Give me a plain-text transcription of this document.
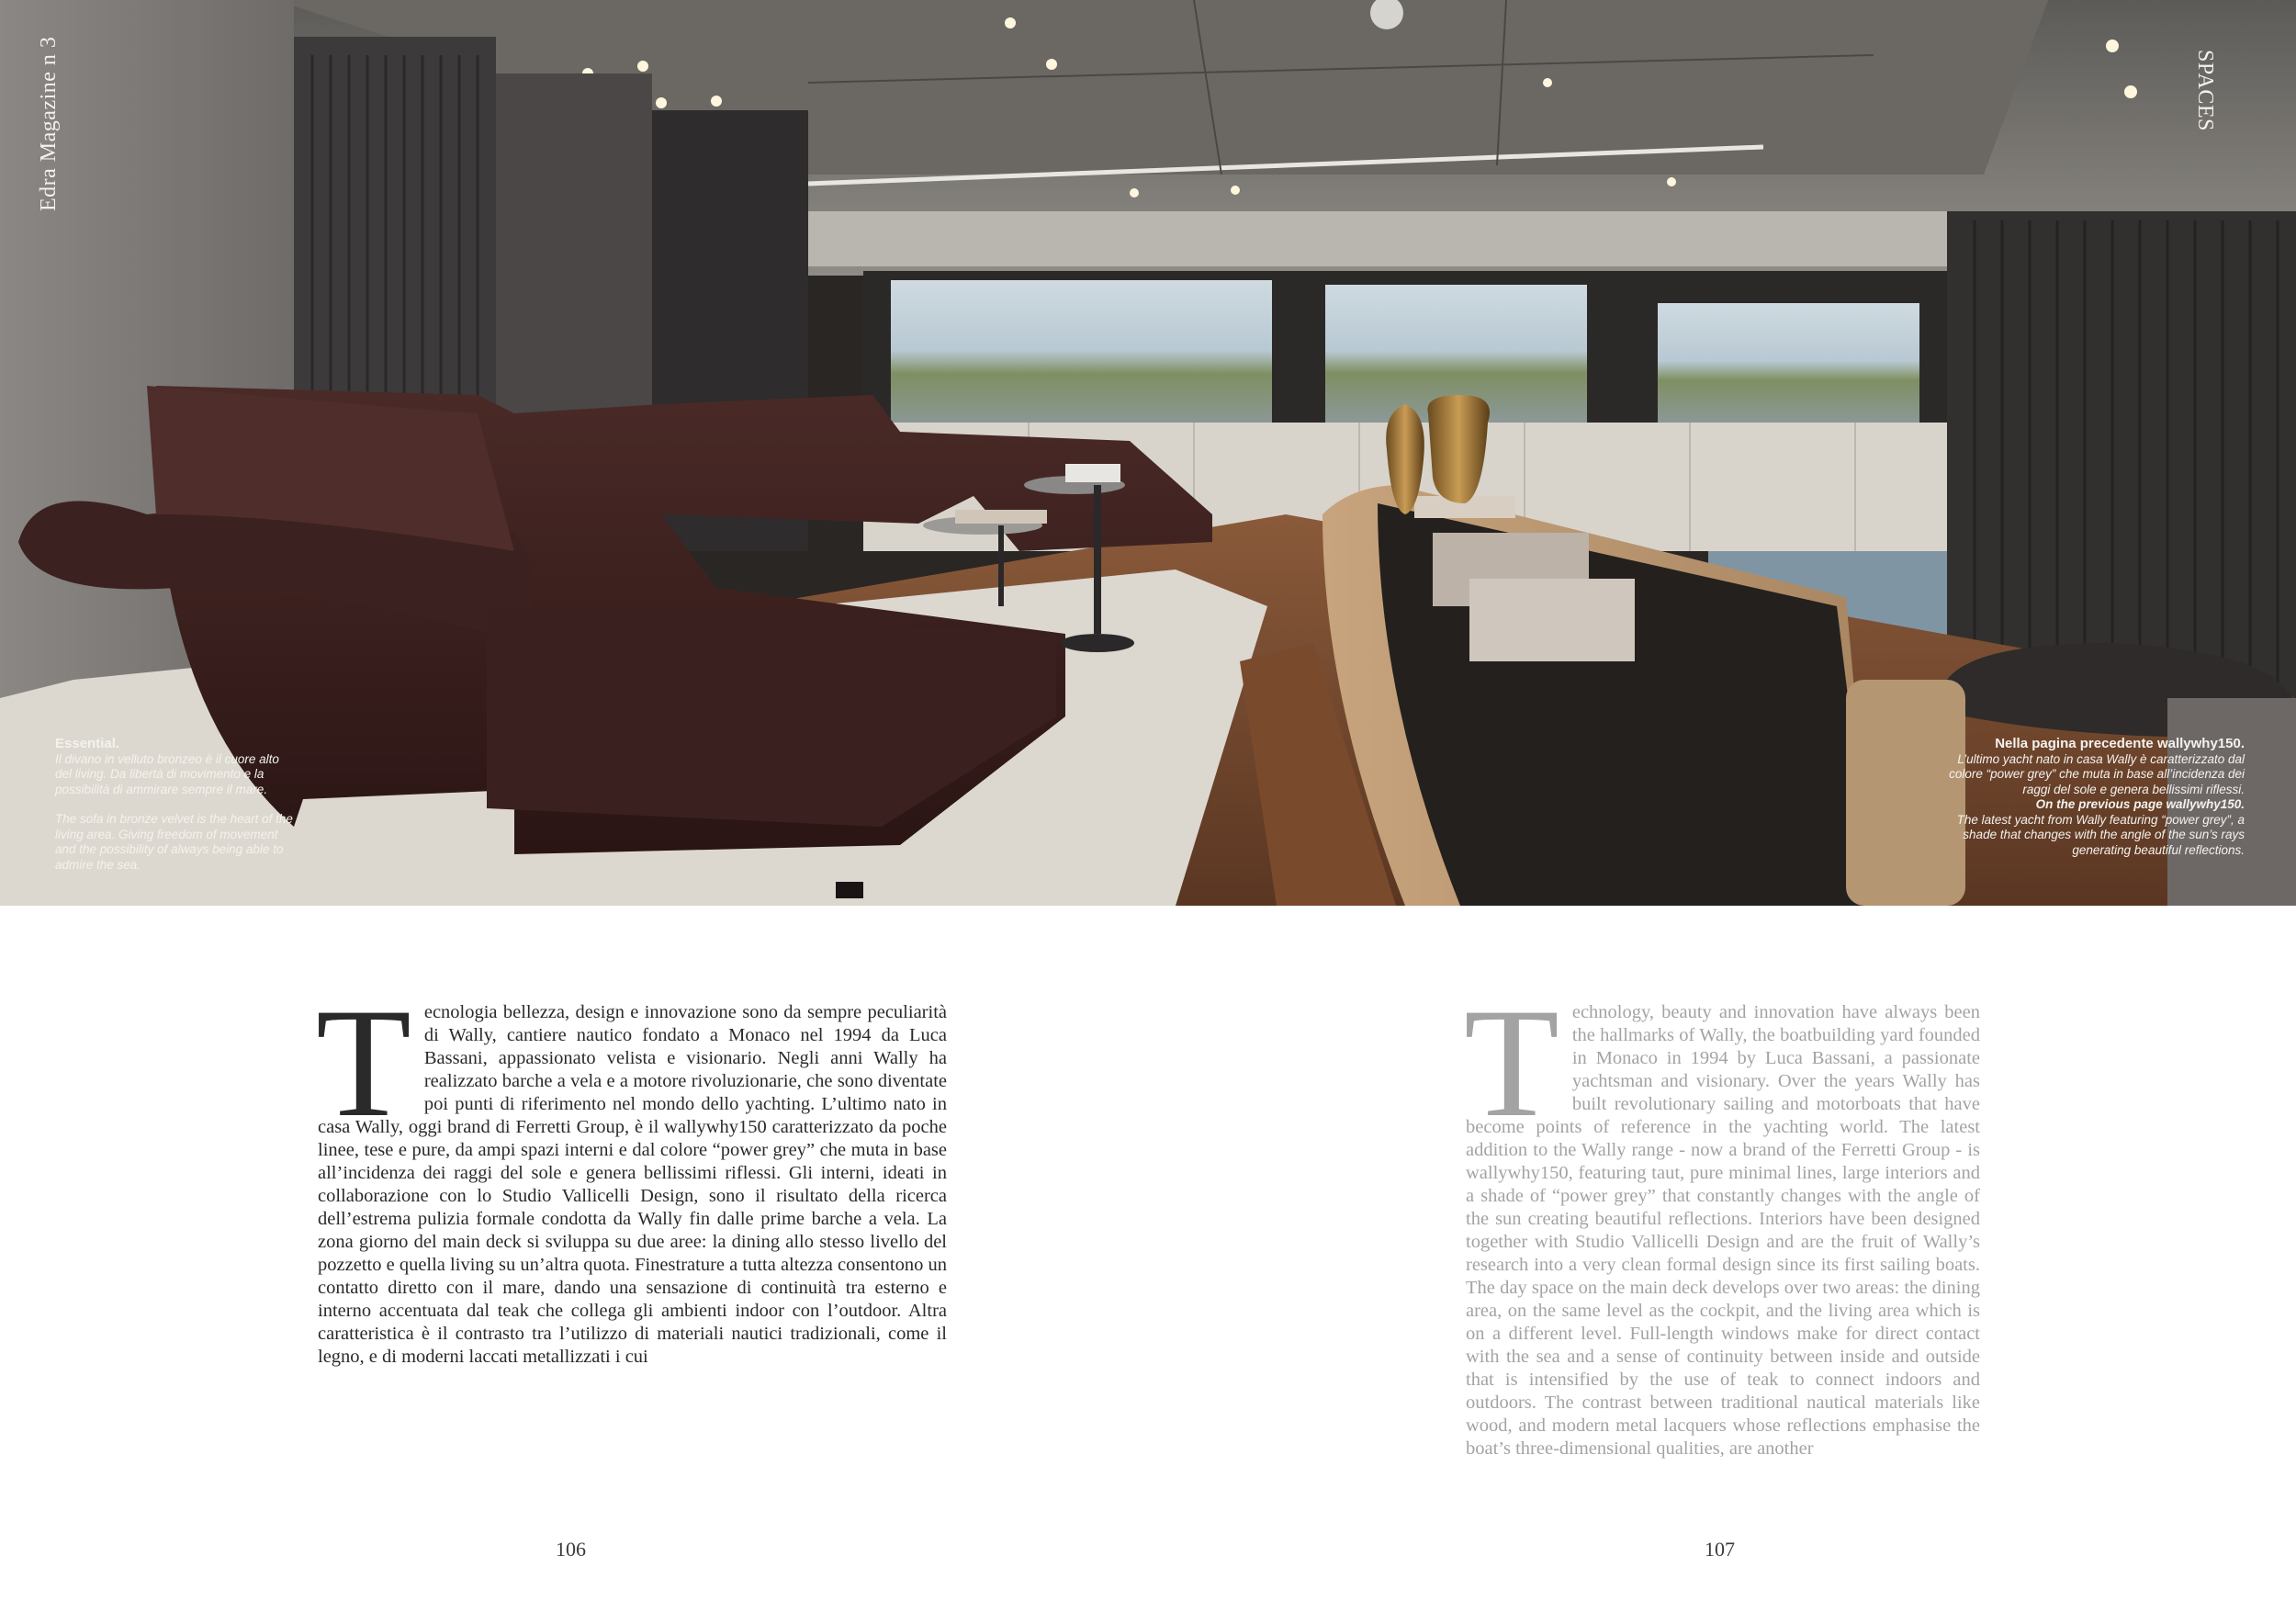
Edra Magazine n 3	SPACES

Essential.

Il divano in velluto bronzeo è il cuore alto del living. Da libertà di movimento e la possibilità di ammirare sempre il mare.

The sofa in bronze velvet is the heart of the living area. Giving freedom of movement and the possibility of always being able to admire the sea.

Nella pagina precedente wallywhy150.

L’ultimo yacht nato in casa Wally è caratterizzato dal colore “power grey” che muta in base all’incidenza dei raggi del sole e genera bellissimi riflessi.

On the previous page wallywhy150.

The latest yacht from Wally featuring “power grey”, a shade that changes with the angle of the sun’s rays generating beautiful reflections.

T ecnologia bellezza, design e innovazione sono da sempre peculiarità di Wally, cantiere nautico fondato a Monaco nel 1994 da Luca Bassani, appassionato velista e visionario. Negli anni Wally ha realizzato barche a vela e a motore rivoluzionarie, che sono diventate poi punti di riferimento nel mondo dello yachting. L’ultimo nato in casa Wally, oggi brand di Ferretti Group, è il wallywhy150 caratterizzato da poche linee, tese e pure, da ampi spazi interni e dal colore “power grey” che muta in base all’incidenza dei raggi del sole e genera bellissimi riflessi. Gli interni, ideati in collaborazione con lo Studio Vallicelli Design, sono il risultato della ricerca dell’estrema pulizia formale condotta da Wally fin dalle prime barche a vela. La zona giorno del main deck si sviluppa su due aree: la dining allo stesso livello del pozzetto e quella living su un’altra quota. Finestrature a tutta altezza consentono un contatto diretto con il mare, dando una sensazione di continuità tra esterno e interno accentuata dal teak che collega gli ambienti indoor con l’outdoor. Altra caratteristica è il contrasto tra l’utilizzo di materiali nautici tradizionali, come il legno, e di moderni laccati metallizzati i cui
T echnology, beauty and innovation have always been the hallmarks of Wally, the boatbuilding yard founded in Monaco in 1994 by Luca Bassani, a passionate yachtsman and visionary. Over the years Wally has built revolutionary sailing and motorboats that have become points of reference in the yachting world. The latest addition to the Wally range - now a brand of the Ferretti Group - is wallywhy150, featuring taut, pure minimal lines, large interiors and a shade of “power grey” that constantly changes with the angle of the sun creating beautiful reflections. Interiors have been designed together with Studio Vallicelli Design and are the fruit of Wally’s research into a very clean formal design since its first sailing boats. The day space on the main deck develops over two areas: the dining area, on the same level as the cockpit, and the living area which is on a different level. Full-length windows make for direct contact with the sea and a sense of continuity between inside and outside that is intensified by the use of teak to connect indoors and outdoors. The contrast between traditional nautical materials like wood, and modern metal lacquers whose reflections emphasise the boat’s three-dimensional qualities, are another
106	107
